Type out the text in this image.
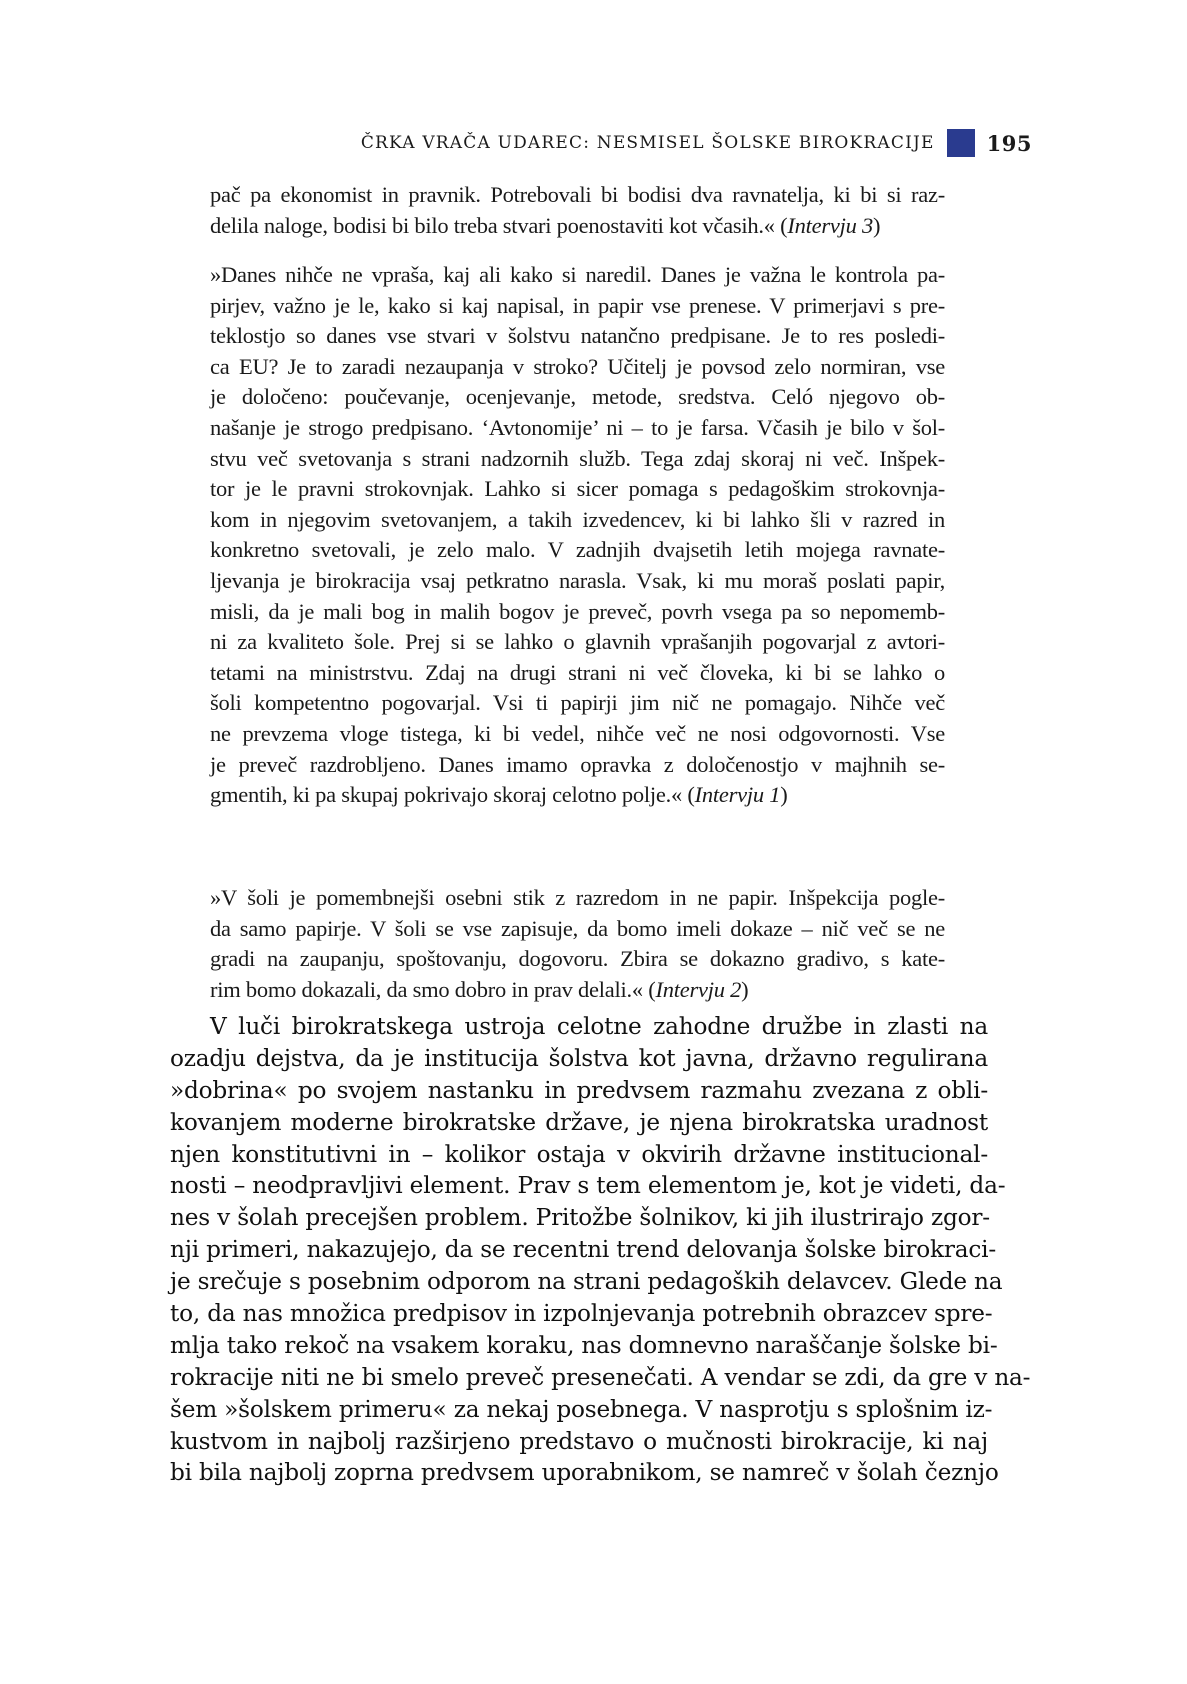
ČRKA VRAČA UDAREC: NESMISEL ŠOLSKE BIROKRACIJE 195
pač pa ekonomist in pravnik. Potrebovali bi bodisi dva ravnatelja, ki bi si raz-
delila naloge, bodisi bi bilo treba stvari poenostaviti kot včasih.« (Intervju 3)
»Danes nihče ne vpraša, kaj ali kako si naredil. Danes je važna le kontrola pa-
pirjev, važno je le, kako si kaj napisal, in papir vse prenese. V primerjavi s pre-
teklostjo so danes vse stvari v šolstvu natančno predpisane. Je to res posledi-
ca EU? Je to zaradi nezaupanja v stroko? Učitelj je povsod zelo normiran, vse
je določeno: poučevanje, ocenjevanje, metode, sredstva. Celó njegovo ob-
našanje je strogo predpisano. ‘Avtonomije’ ni – to je farsa. Včasih je bilo v šol-
stvu več svetovanja s strani nadzornih služb. Tega zdaj skoraj ni več. Inšpek-
tor je le pravni strokovnjak. Lahko si sicer pomaga s pedagoškim strokovnja-
kom in njegovim svetovanjem, a takih izvedencev, ki bi lahko šli v razred in
konkretno svetovali, je zelo malo. V zadnjih dvajsetih letih mojega ravnate-
ljevanja je birokracija vsaj petkratno narasla. Vsak, ki mu moraš poslati papir,
misli, da je mali bog in malih bogov je preveč, povrh vsega pa so nepomemb-
ni za kvaliteto šole. Prej si se lahko o glavnih vprašanjih pogovarjal z avtori-
tetami na ministrstvu. Zdaj na drugi strani ni več človeka, ki bi se lahko o
šoli kompetentno pogovarjal. Vsi ti papirji jim nič ne pomagajo. Nihče več
ne prevzema vloge tistega, ki bi vedel, nihče več ne nosi odgovornosti. Vse
je preveč razdrobljeno. Danes imamo opravka z določenostjo v majhnih se-
gmentih, ki pa skupaj pokrivajo skoraj celotno polje.« (Intervju 1)
»V šoli je pomembnejši osebni stik z razredom in ne papir. Inšpekcija pogle-
da samo papirje. V šoli se vse zapisuje, da bomo imeli dokaze – nič več se ne
gradi na zaupanju, spoštovanju, dogovoru. Zbira se dokazno gradivo, s kate-
rim bomo dokazali, da smo dobro in prav delali.« (Intervju 2)
V luči birokratskega ustroja celotne zahodne družbe in zlasti na
ozadju dejstva, da je institucija šolstva kot javna, državno regulirana
»dobrina« po svojem nastanku in predvsem razmahu zvezana z obli-
kovanjem moderne birokratske države, je njena birokratska uradnost
njen konstitutivni in – kolikor ostaja v okvirih državne institucional-
nosti – neodpravljivi element. Prav s tem elementom je, kot je videti, da-
nes v šolah precejšen problem. Pritožbe šolnikov, ki jih ilustrirajo zgor-
nji primeri, nakazujejo, da se recentni trend delovanja šolske birokraci-
je srečuje s posebnim odporom na strani pedagoških delavcev. Glede na
to, da nas množica predpisov in izpolnjevanja potrebnih obrazcev spre-
mlja tako rekoč na vsakem koraku, nas domnevno naraščanje šolske bi-
rokracije niti ne bi smelo preveč presenečati. A vendar se zdi, da gre v na-
šem »šolskem primeru« za nekaj posebnega. V nasprotju s splošnim iz-
kustvom in najbolj razširjeno predstavo o mučnosti birokracije, ki naj
bi bila najbolj zoprna predvsem uporabnikom, se namreč v šolah čeznjo
